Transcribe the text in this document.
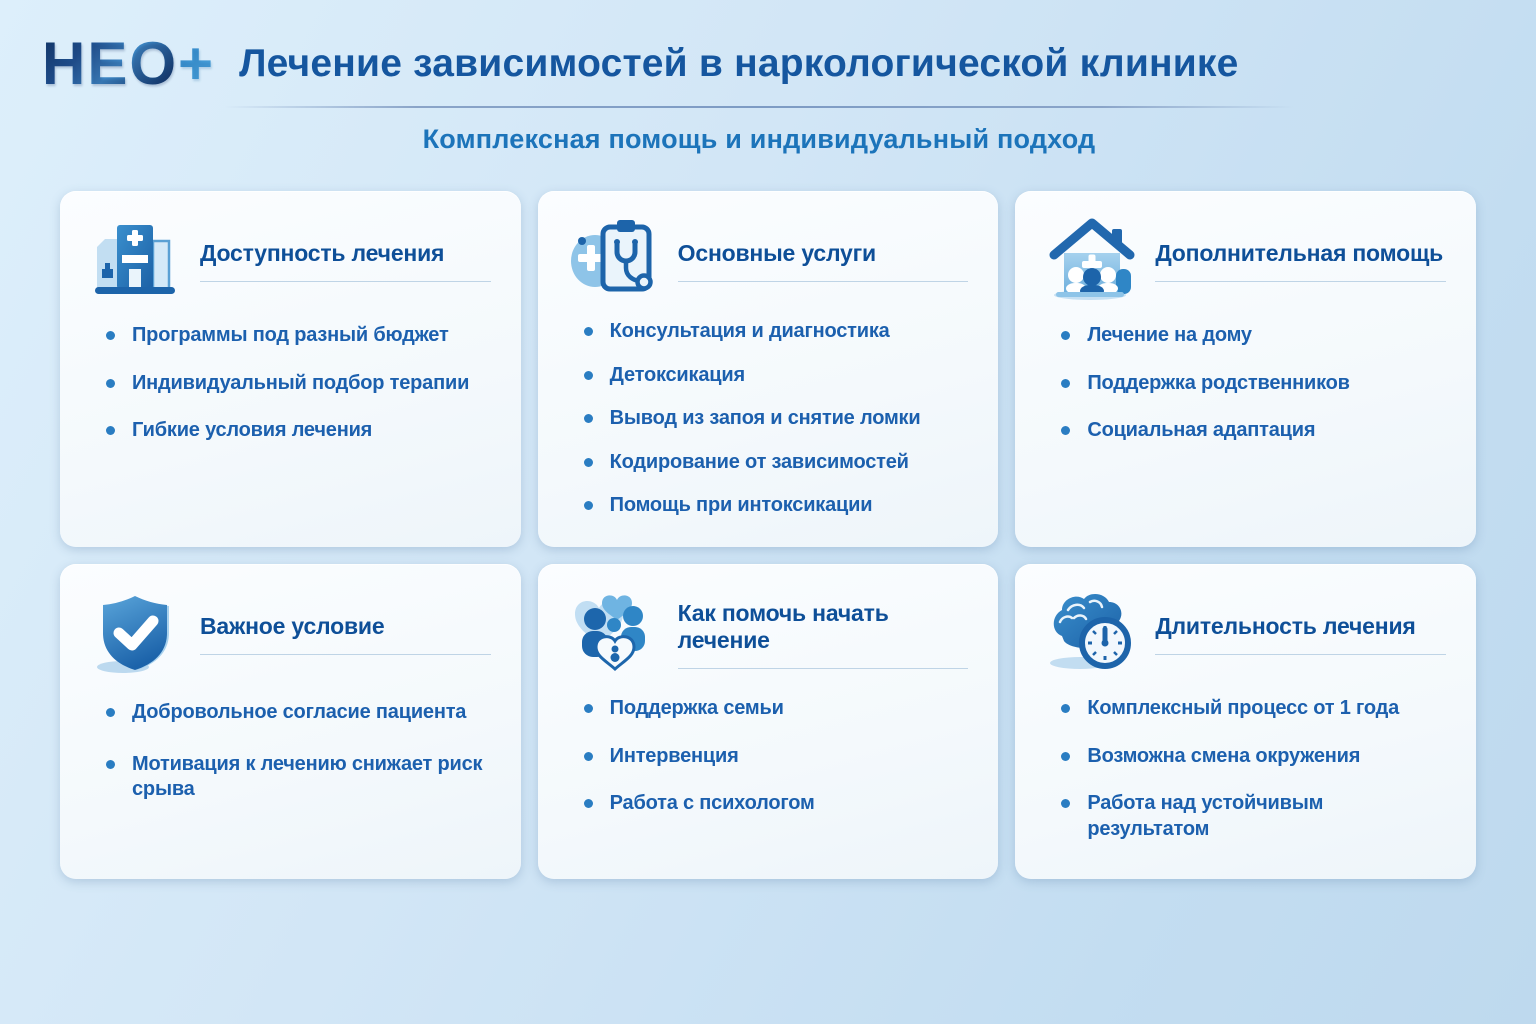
НЕО+ Лечение зависимостей в наркологической клинике
Комплексная помощь и индивидуальный подход
Доступность лечения
Программы под разный бюджет
Индивидуальный подбор терапии
Гибкие условия лечения
Основные услуги
Консультация и диагностика
Детоксикация
Вывод из запоя и снятие ломки
Кодирование от зависимостей
Помощь при интоксикации
Дополнительная помощь
Лечение на дому
Поддержка родственников
Социальная адаптация
Важное условие
Добровольное согласие пациента
Мотивация к лечению снижает риск срыва
Как помочь начать лечение
Поддержка семьи
Интервенция
Работа с психологом
Длительность лечения
Комплексный процесс от 1 года
Возможна смена окружения
Работа над устойчивым результатом
